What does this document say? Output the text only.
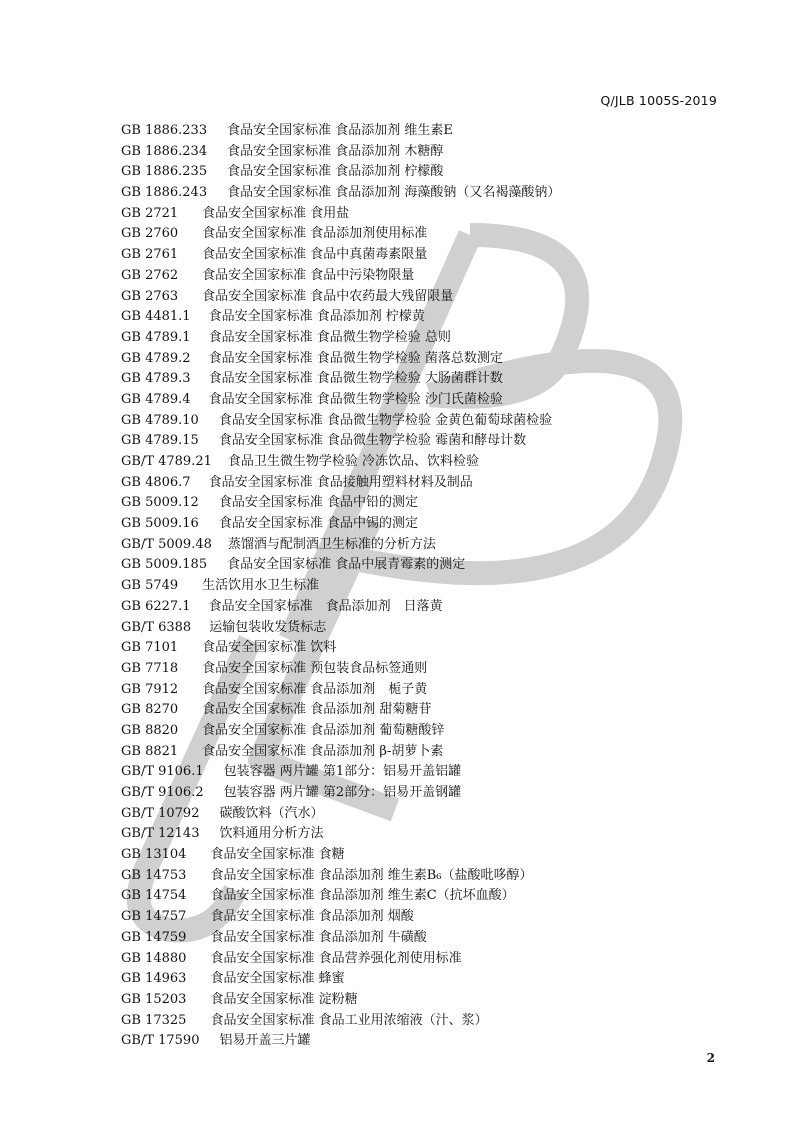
Q/JLB 1005S-2019
GB 1886.233 食品安全国家标准 食品添加剂 维生素E
GB 1886.234 食品安全国家标准 食品添加剂 木糖醇
GB 1886.235 食品安全国家标准 食品添加剂 柠檬酸
GB 1886.243 食品安全国家标准 食品添加剂 海藻酸钠（又名褐藻酸钠）
GB 2721 食品安全国家标准 食用盐
GB 2760 食品安全国家标准 食品添加剂使用标准
GB 2761 食品安全国家标准 食品中真菌毒素限量
GB 2762 食品安全国家标准 食品中污染物限量
GB 2763 食品安全国家标准 食品中农药最大残留限量
GB 4481.1 食品安全国家标准 食品添加剂 柠檬黄
GB 4789.1 食品安全国家标准 食品微生物学检验 总则
GB 4789.2 食品安全国家标准 食品微生物学检验 菌落总数测定
GB 4789.3 食品安全国家标准 食品微生物学检验 大肠菌群计数
GB 4789.4 食品安全国家标准 食品微生物学检验 沙门氏菌检验
GB 4789.10 食品安全国家标准 食品微生物学检验 金黄色葡萄球菌检验
GB 4789.15 食品安全国家标准 食品微生物学检验 霉菌和酵母计数
GB/T 4789.21 食品卫生微生物学检验 冷冻饮品、饮料检验
GB 4806.7 食品安全国家标准 食品接触用塑料材料及制品
GB 5009.12 食品安全国家标准 食品中铅的测定
GB 5009.16 食品安全国家标准 食品中锡的测定
GB/T 5009.48 蒸馏酒与配制酒卫生标准的分析方法
GB 5009.185 食品安全国家标准 食品中展青霉素的测定
GB 5749 生活饮用水卫生标准
GB 6227.1 食品安全国家标准　食品添加剂　日落黄
GB/T 6388 运输包装收发货标志
GB 7101 食品安全国家标准 饮料
GB 7718 食品安全国家标准 预包装食品标签通则
GB 7912 食品安全国家标准 食品添加剂　栀子黄
GB 8270 食品安全国家标准 食品添加剂 甜菊糖苷
GB 8820 食品安全国家标准 食品添加剂 葡萄糖酸锌
GB 8821 食品安全国家标准 食品添加剂 β-胡萝卜素
GB/T 9106.1 包装容器 两片罐 第1部分：铝易开盖铝罐
GB/T 9106.2 包装容器 两片罐 第2部分：铝易开盖钢罐
GB/T 10792 碳酸饮料（汽水）
GB/T 12143 饮料通用分析方法
GB 13104 食品安全国家标准 食糖
GB 14753 食品安全国家标准 食品添加剂 维生素B₆（盐酸吡哆醇）
GB 14754 食品安全国家标准 食品添加剂 维生素C（抗坏血酸）
GB 14757 食品安全国家标准 食品添加剂 烟酸
GB 14759 食品安全国家标准 食品添加剂 牛磺酸
GB 14880 食品安全国家标准 食品营养强化剂使用标准
GB 14963 食品安全国家标准 蜂蜜
GB 15203 食品安全国家标准 淀粉糖
GB 17325 食品安全国家标准 食品工业用浓缩液（汁、浆）
GB/T 17590 铝易开盖三片罐
2
